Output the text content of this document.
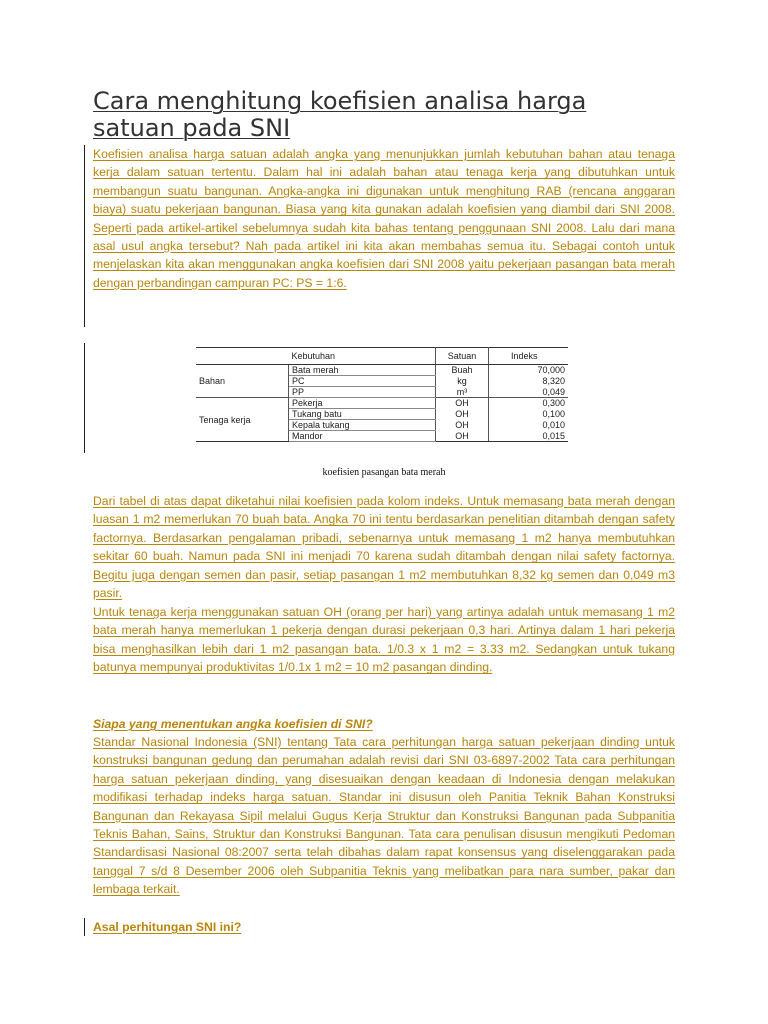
Cara menghitung koefisien analisa harga satuan pada SNI

Koefisien analisa harga satuan adalah angka yang menunjukkan jumlah kebutuhan bahan atau tenaga kerja dalam satuan tertentu. Dalam hal ini adalah bahan atau tenaga kerja yang dibutuhkan untuk membangun suatu bangunan. Angka-angka ini digunakan untuk menghitung RAB (rencana anggaran biaya) suatu pekerjaan bangunan. Biasa yang kita gunakan adalah koefisien yang diambil dari SNI 2008. Seperti pada artikel-artikel sebelumnya sudah kita bahas tentang penggunaan SNI 2008. Lalu dari mana asal usul angka tersebut? Nah pada artikel ini kita akan membahas semua itu. Sebagai contoh untuk menjelaskan kita akan menggunakan angka koefisien dari SNI 2008 yaitu pekerjaan pasangan bata merah dengan perbandingan campuran PC: PS = 1:6.

	Kebutuhan	Satuan	Indeks
Bahan	Bata merah	Buah	70,000
	PC	kg	8,320
	PP	m³	0,049
Tenaga kerja	Pekerja	OH	0,300
	Tukang batu	OH	0,100
	Kepala tukang	OH	0,010
	Mandor	OH	0,015
koefisien pasangan bata merah

Dari tabel di atas dapat diketahui nilai koefisien pada kolom indeks. Untuk memasang bata merah dengan luasan 1 m2 memerlukan 70 buah bata. Angka 70 ini tentu berdasarkan penelitian ditambah dengan safety factornya. Berdasarkan pengalaman pribadi, sebenarnya untuk memasang 1 m2 hanya membutuhkan sekitar 60 buah. Namun pada SNI ini menjadi 70 karena sudah ditambah dengan nilai safety factornya. Begitu juga dengan semen dan pasir, setiap pasangan 1 m2 membutuhkan 8,32 kg semen dan 0,049 m3 pasir.

Untuk tenaga kerja menggunakan satuan OH (orang per hari) yang artinya adalah untuk memasang 1 m2 bata merah hanya memerlukan 1 pekerja dengan durasi pekerjaan 0,3 hari. Artinya dalam 1 hari pekerja bisa menghasilkan lebih dari 1 m2 pasangan bata. 1/0.3 x 1 m2 = 3.33 m2. Sedangkan untuk tukang batunya mempunyai produktivitas 1/0.1x 1 m2 = 10 m2 pasangan dinding.

Siapa yang menentukan angka koefisien di SNI?

Standar Nasional Indonesia (SNI) tentang Tata cara perhitungan harga satuan pekerjaan dinding untuk konstruksi bangunan gedung dan perumahan adalah revisi dari SNI 03-6897-2002 Tata cara perhitungan harga satuan pekerjaan dinding, yang disesuaikan dengan keadaan di Indonesia dengan melakukan modifikasi terhadap indeks harga satuan. Standar ini disusun oleh Panitia Teknik Bahan Konstruksi Bangunan dan Rekayasa Sipil melalui Gugus Kerja Struktur dan Konstruksi Bangunan pada Subpanitia Teknis Bahan, Sains, Struktur dan Konstruksi Bangunan. Tata cara penulisan disusun mengikuti Pedoman Standardisasi Nasional 08:2007 serta telah dibahas dalam rapat konsensus yang diselenggarakan pada tanggal 7 s/d 8 Desember 2006 oleh Subpanitia Teknis yang melibatkan para nara sumber, pakar dan lembaga terkait.

Asal perhitungan SNI ini?
